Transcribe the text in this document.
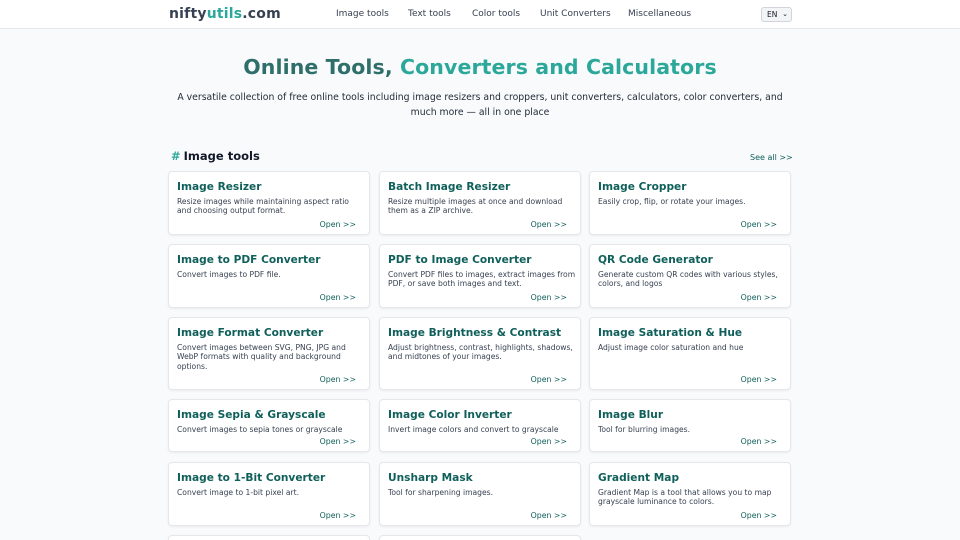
niftyutils.com	Image tools Text tools Color tools Unit Converters Miscellaneous	EN ⌄
Online Tools, Converters and Calculators
A versatile collection of free online tools including image resizers and croppers, unit converters, calculators, color converters, and much more — all in one place
# Image tools	See all >>
Image Resizer
Resize images while maintaining aspect ratio and choosing output format.
Open >>
Batch Image Resizer
Resize multiple images at once and download them as a ZIP archive.
Open >>
Image Cropper
Easily crop, flip, or rotate your images.
Open >>
Image to PDF Converter
Convert images to PDF file.
Open >>
PDF to Image Converter
Convert PDF files to images, extract images from PDF, or save both images and text.
Open >>
QR Code Generator
Generate custom QR codes with various styles, colors, and logos
Open >>
Image Format Converter
Convert images between SVG, PNG, JPG and WebP formats with quality and background options.
Open >>
Image Brightness & Contrast
Adjust brightness, contrast, highlights, shadows, and midtones of your images.
Open >>
Image Saturation & Hue
Adjust image color saturation and hue
Open >>
Image Sepia & Grayscale
Convert images to sepia tones or grayscale
Open >>
Image Color Inverter
Invert image colors and convert to grayscale
Open >>
Image Blur
Tool for blurring images.
Open >>
Image to 1-Bit Converter
Convert image to 1-bit pixel art.
Open >>
Unsharp Mask
Tool for sharpening images.
Open >>
Gradient Map
Gradient Map is a tool that allows you to map grayscale luminance to colors.
Open >>
